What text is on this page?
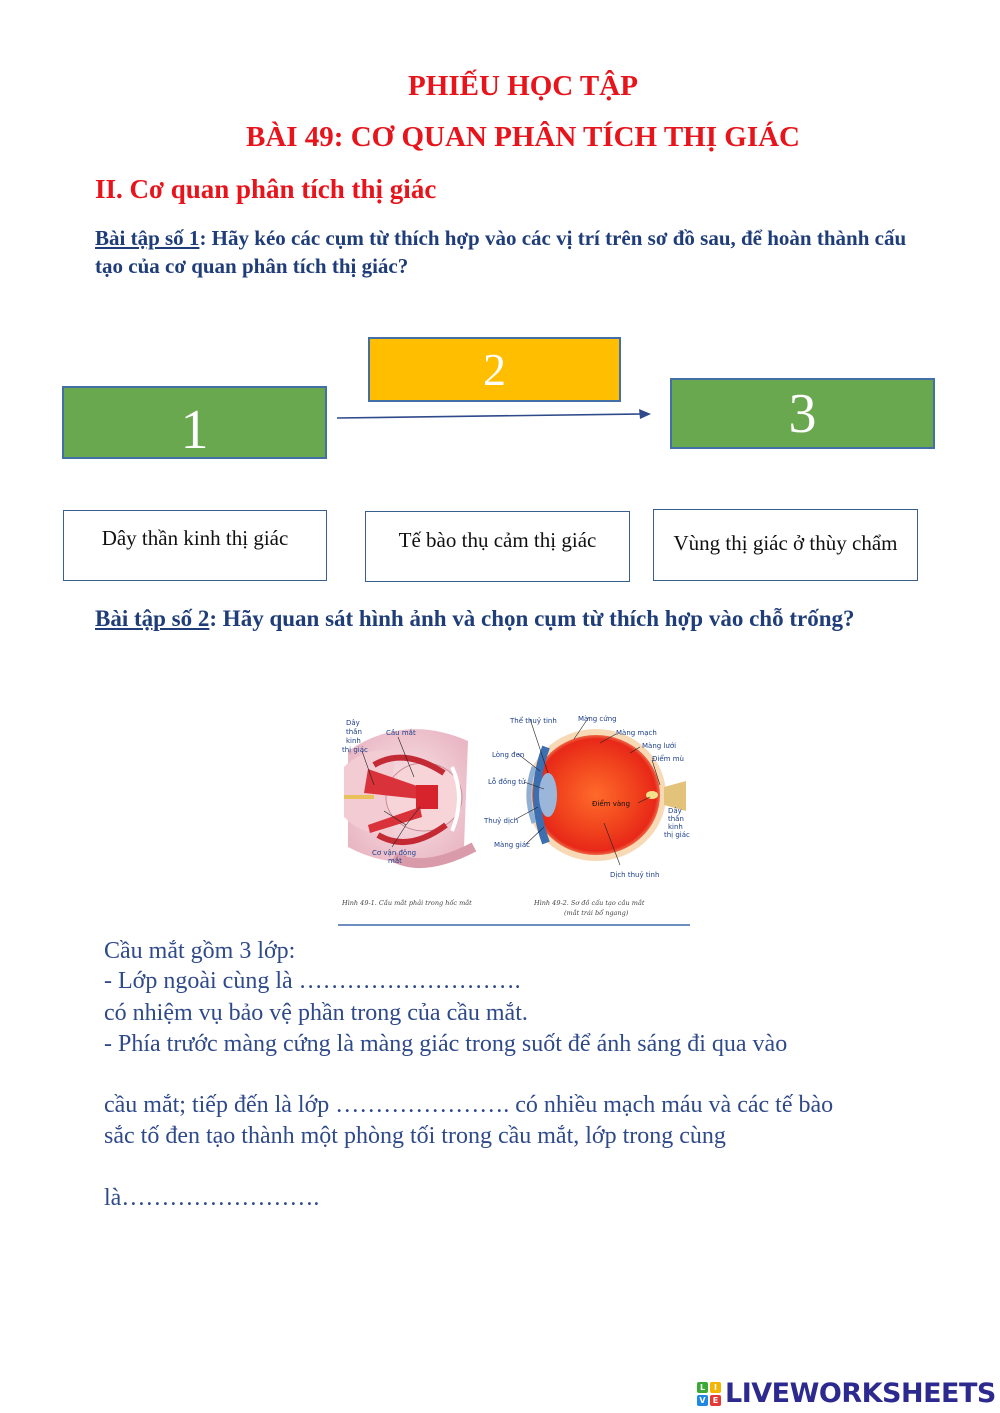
PHIẾU HỌC TẬP
BÀI 49: CƠ QUAN PHÂN TÍCH THỊ GIÁC
II. Cơ quan phân tích thị giác
Bài tập số 1: Hãy kéo các cụm từ thích hợp vào các vị trí trên sơ đồ sau, để hoàn thành cấu tạo của cơ quan phân tích thị giác?
1
2
3
Dây thần kinh thị giác	Tế bào thụ cảm thị giác	Vùng thị giác ở thùy chẩm
Bài tập số 2: Hãy quan sát hình ảnh và chọn cụm từ thích hợp vào chỗ trống?
Dây
thần
kinh
thị giác
Cầu mắt
Cơ vận động
mắt
Thể thuỷ tinh	Màng cứng
Màng mạch
Lòng đen
Màng lưới
Điểm mù
Lỗ đồng tử
Điểm vàng
Thuỷ dịch
Dây
thần
kinh
thị giác
Màng giác
Dịch thuỷ tinh
Hình 49-1. Cầu mắt phải trong hốc mắt	Hình 49-2. Sơ đồ cấu tạo cầu mắt
(mắt trái bổ ngang)

Cầu mắt gồm 3 lớp:

- Lớp ngoài cùng là ……………………….

có nhiệm vụ bảo vệ phần trong của cầu mắt.

- Phía trước màng cứng là màng giác trong suốt để ánh sáng đi qua vào

cầu mắt; tiếp đến là lớp …………………. có nhiều mạch máu và các tế bào

sắc tố đen tạo thành một phòng tối trong cầu mắt, lớp trong cùng

là…………………….

L	I
V E LIVEWORKSHEETS
